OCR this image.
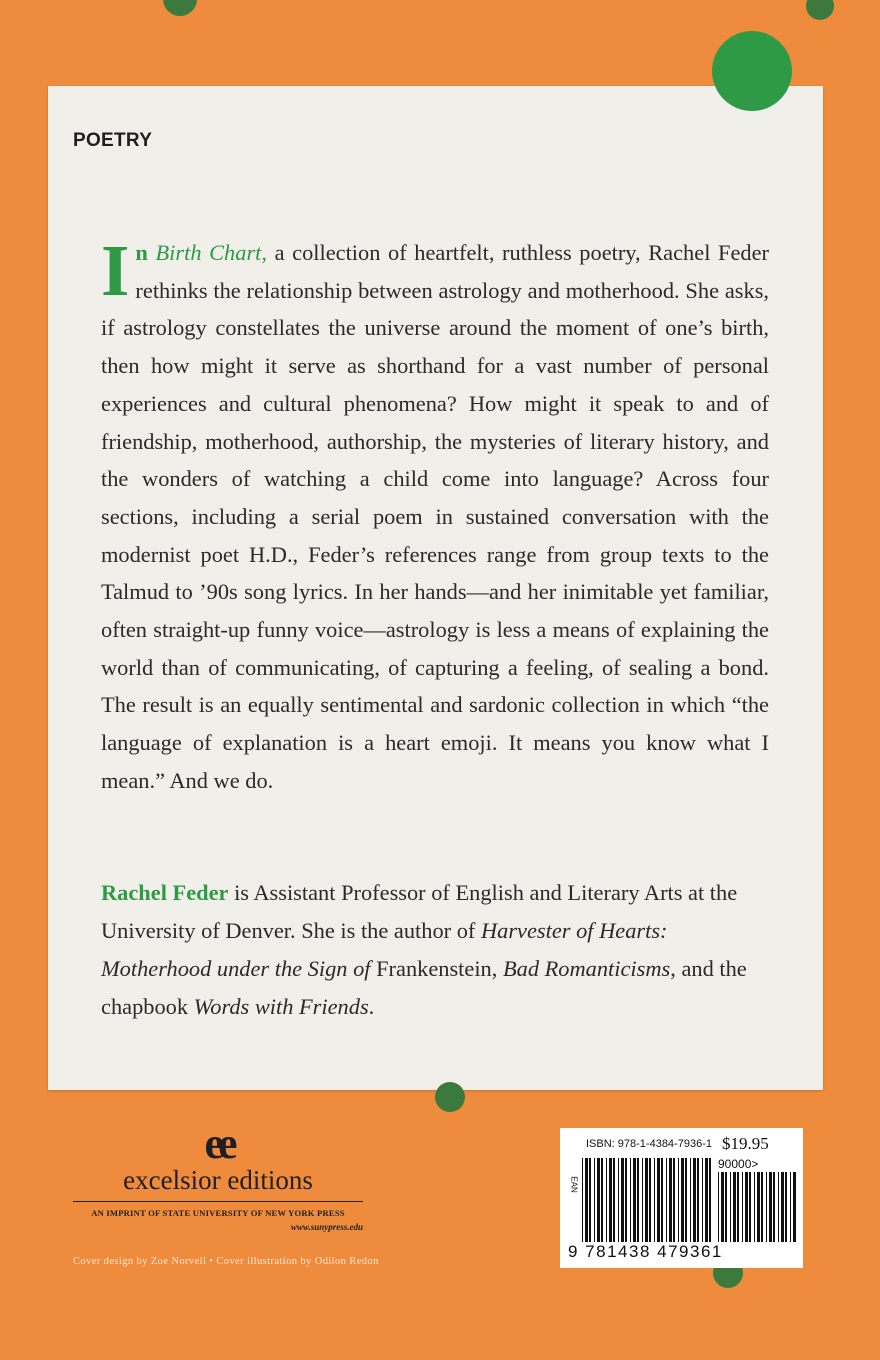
POETRY
In Birth Chart, a collection of heartfelt, ruthless poetry, Rachel Feder rethinks the relationship between astrology and motherhood. She asks, if astrology constellates the universe around the moment of one’s birth, then how might it serve as shorthand for a vast number of personal experiences and cultural phenomena? How might it speak to and of friendship, motherhood, authorship, the mysteries of literary history, and the wonders of watching a child come into language? Across four sections, including a serial poem in sustained conversation with the modernist poet H.D., Feder’s references range from group texts to the Talmud to ’90s song lyrics. In her hands—and her inimitable yet familiar, often straight-up funny voice—astrology is less a means of explaining the world than of communicating, of capturing a feeling, of sealing a bond. The result is an equally sentimental and sardonic collection in which “the language of explanation is a heart emoji. It means you know what I mean.” And we do.
Rachel Feder is Assistant Professor of English and Literary Arts at the University of Denver. She is the author of Harvester of Hearts: Motherhood under the Sign of Frankenstein, Bad Romanticisms, and the chapbook Words with Friends.
ee
excelsior editions
AN IMPRINT OF STATE UNIVERSITY OF NEW YORK PRESS
www.sunypress.edu
Cover design by Zoe Norvell • Cover illustration by Odilon Redon
ISBN: 978-1-4384-7936-1 $19.95
90000>
EAN
9 781438 479361
